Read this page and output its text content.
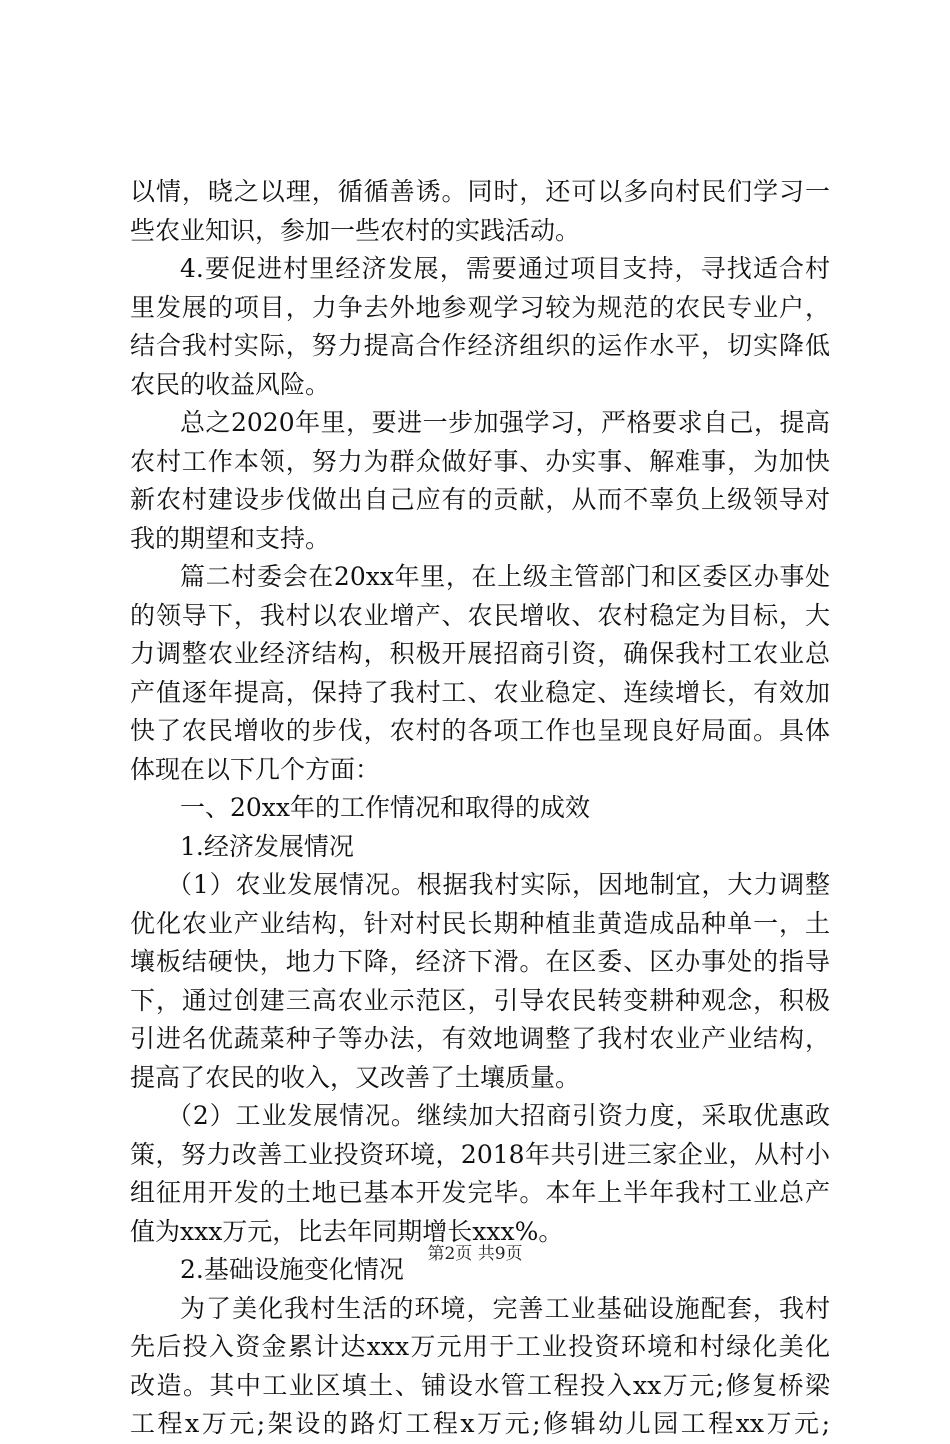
以情，晓之以理，循循善诱。同时，还可以多向村民们学习一
些农业知识，参加一些农村的实践活动。
4.要促进村里经济发展，需要通过项目支持，寻找适合村
里发展的项目，力争去外地参观学习较为规范的农民专业户，
结合我村实际，努力提高合作经济组织的运作水平，切实降低
农民的收益风险。
总之2020年里，要进一步加强学习，严格要求自己，提高
农村工作本领，努力为群众做好事、办实事、解难事，为加快
新农村建设步伐做出自己应有的贡献，从而不辜负上级领导对
我的期望和支持。
篇二村委会在20xx年里，在上级主管部门和区委区办事处
的领导下，我村以农业增产、农民增收、农村稳定为目标，大
力调整农业经济结构，积极开展招商引资，确保我村工农业总
产值逐年提高，保持了我村工、农业稳定、连续增长，有效加
快了农民增收的步伐，农村的各项工作也呈现良好局面。具体
体现在以下几个方面：
一、20xx年的工作情况和取得的成效
1.经济发展情况
（1）农业发展情况。根据我村实际，因地制宜，大力调整
优化农业产业结构，针对村民长期种植韭黄造成品种单一，土
壤板结硬快，地力下降，经济下滑。在区委、区办事处的指导
下，通过创建三高农业示范区，引导农民转变耕种观念，积极
引进名优蔬菜种子等办法，有效地调整了我村农业产业结构，
提高了农民的收入，又改善了土壤质量。
（2）工业发展情况。继续加大招商引资力度，采取优惠政
策，努力改善工业投资环境，2018年共引进三家企业，从村小
组征用开发的土地已基本开发完毕。本年上半年我村工业总产
值为xxx万元，比去年同期增长xxx%。
2.基础设施变化情况
为了美化我村生活的环境，完善工业基础设施配套，我村
先后投入资金累计达xxx万元用于工业投资环境和村绿化美化
改造。其中工业区填土、铺设水管工程投入xx万元;修复桥梁
工程x万元;架设的路灯工程x万元;修辑幼儿园工程xx万元;
第2页 共9页
